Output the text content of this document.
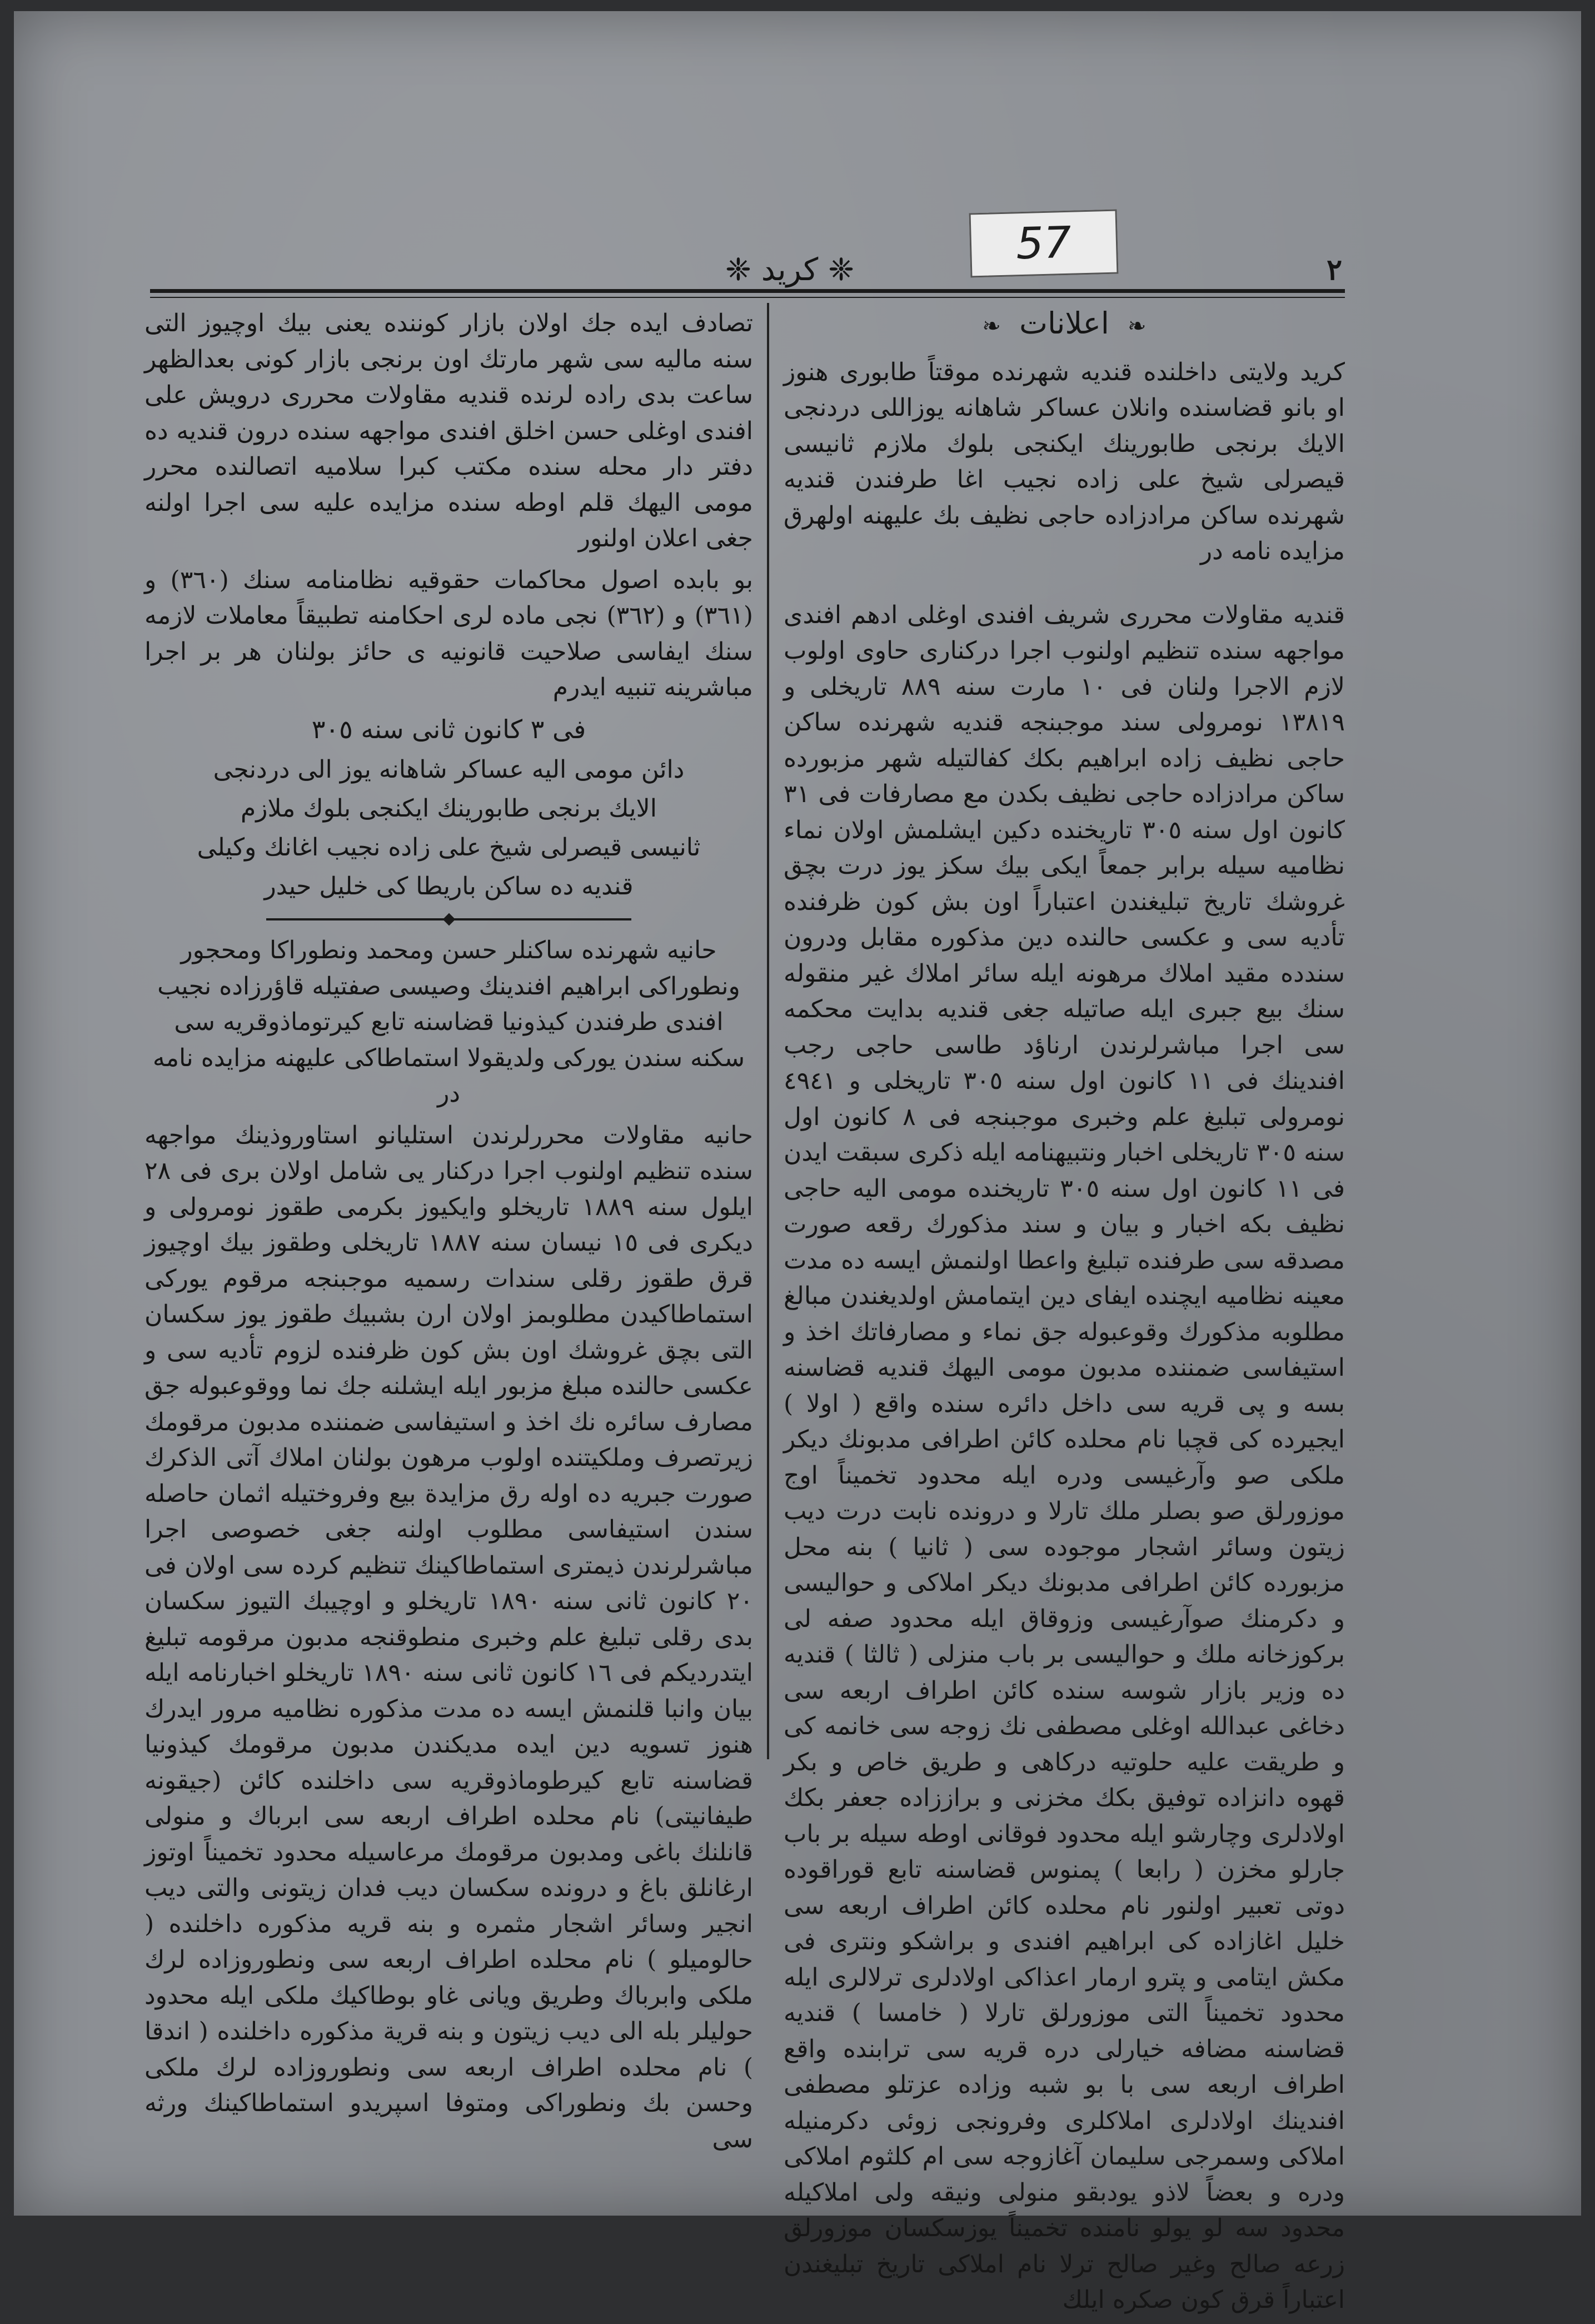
57
٢
❈ كريد ❈
❧ اعلانات ❧

كريد ولايتی داخلنده قنديه شهرنده موقتاً طابوری هنوز او بانو قضاسنده وانلان عساكر شاهانه يوزاللی دردنجی الايك برنجی طابورينك ايكنجی بلوك ملازم ثانيسی قيصرلی شيخ علی زاده نجيب اغا طرفندن قنديه شهرنده ساكن مرادزاده حاجی نظيف بك عليهنه اولهرق مزايده نامه در

قنديه مقاولات محرری شريف افندی اوغلی ادهم افندی مواجهه سنده تنظيم اولنوب اجرا دركناری حاوی اولوب لازم الاجرا ولنان فی ١٠ مارت سنه ٨٨٩ تاريخلی و ١٣٨١٩ نومرولی سند موجبنجه قنديه شهرنده ساكن حاجی نظيف زاده ابراهيم بكك كفالتيله شهر مزبورده ساكن مرادزاده حاجی نظيف بكدن مع مصارفات فی ٣١ كانون اول سنه ٣٠٥ تاريخنده دكين ايشلمش اولان نماء نظاميه سيله برابر جمعاً ايكی بيك سكز يوز درت بچق غروشك تاريخ تبليغندن اعتباراً اون بش كون ظرفنده تأديه سی و عكسی حالنده دين مذكوره مقابل ودرون سندده مقيد املاك مرهونه ايله سائر املاك غير منقوله سنك بيع جبری ايله صاتيله جغی قنديه بدايت محكمه سی اجرا مباشرلرندن ارناؤد طاسی حاجی رجب افندينك فی ١١ كانون اول سنه ٣٠٥ تاريخلی و ٤٩٤١ نومرولی تبليغ علم وخبری موجبنجه فی ٨ كانون اول سنه ٣٠٥ تاريخلی اخبار ونتبيهنامه ايله ذكری سبقت ايدن فی ١١ كانون اول سنه ٣٠٥ تاريخنده مومی اليه حاجی نظيف بكه اخبار و بيان و سند مذكورك رقعه صورت مصدقه سی طرفنده تبليغ واعطا اولنمش ايسه ده مدت معينه نظاميه ايچنده ايفای دين ايتمامش اولديغندن مبالغ مطلوبه مذكورك وقوعبوله جق نماء و مصارفاتك اخذ و استيفاسی ضمننده مدبون مومی اليهك قنديه قضاسنه بسه و پی قريه سی داخل دائره سنده واقع ( اولا ) ايجيرده كی قچبا نام محلده كائن اطرافی مدبونك ديكر ملكی صو وآرغيسی ودره ايله محدود تخميناً اوج موزورلق صو بصلر ملك تارلا و درونده نابت درت ديب زيتون وسائر اشجار موجوده سی ( ثانيا ) بنه محل مزبورده كائن اطرافی مدبونك ديكر املاكی و حواليسی و دكرمنك صوآرغيسی وزوقاق ايله محدود صفه لی بركوزخانه ملك و حواليسی بر باب منزلی ( ثالثا ) قنديه ده وزير بازار شوسه سنده كائن اطراف اربعه سی دخاغی عبدالله اوغلی مصطفی نك زوجه سی خانمه كی و طريقت عليه حلوتيه دركاهی و طريق خاص و بكر قهوه دانزاده توفيق بكك مخزنی و براززاده جعفر بكك اولادلری وچارشو ايله محدود فوقانی اوطه سيله بر باب جارلو مخزن ( رابعا ) پمنوس قضاسنه تابع قوراقوده دوتی تعبير اولنور نام محلده كائن اطراف اربعه سی خليل اغازاده كی ابراهيم افندی و براشكو ونتری فی مكش ايتامی و پترو ارمار اعذاكی اولادلری ترلالری ايله محدود تخميناً التی موزورلق تارلا ( خامسا ) قنديه قضاسنه مضافه خيارلی دره قريه سی ترابنده واقع اطراف اربعه سی با بو شبه وزاده عزتلو مصطفی افندينك اولادلری املاكلری وفرونجی زوئی دكرمنيله املاكی وسمرجی سليمان آغازوجه سی ام كلثوم املاكی ودره و بعضاً لاذو يودبقو منولی ونيقه ولی املاكيله محدود سه لو يولو نامنده تخميناً يوزسكسان موزورلق زرعه صالح وغير صالح ترلا نام املاكی تاريخ تبليغندن اعتباراً قرق كون صكره ايلك

تصادف ايده جك اولان بازار كوننده يعنی بيك اوچيوز التی سنه ماليه سی شهر مارتك اون برنجی بازار كونی بعدالظهر ساعت بدی راده لرنده قنديه مقاولات محرری درويش علی افندی اوغلی حسن اخلق افندی مواجهه سنده درون قنديه ده دفتر دار محله سنده مكتب كبرا سلاميه اتصالنده محرر مومی اليهك قلم اوطه سنده مزايده عليه سی اجرا اولنه جغی اعلان اولنور

بو بابده اصول محاكمات حقوقيه نظامنامه سنك (٣٦٠) و (٣٦١) و (٣٦٢) نجی ماده لری احكامنه تطبيقاً معاملات لازمه سنك ايفاسی صلاحيت قانونيه ی حائز بولنان هر بر اجرا مباشرينه تنبيه ايدرم

فی ٣ كانون ثانی سنه ٣٠٥

دائن مومی اليه عساكر شاهانه يوز الی دردنجی

الايك برنجی طابورينك ايكنجی بلوك ملازم

ثانيسی قيصرلی شيخ علی زاده نجيب اغانك وكيلی

قنديه ده ساكن باريطا كی خليل حيدر

حانيه شهرنده ساكنلر حسن ومحمد ونطوراكا ومحجور ونطوراكی ابراهيم افندينك وصيسی صفتيله قاؤرزاده نجيب افندی طرفندن كيذونيا قضاسنه تابع كيرتوماذوقريه سی سكنه سندن يوركی ولديقولا استماطاكی عليهنه مزايده نامه در

حانيه مقاولات محررلرندن استليانو استاوروذينك مواجهه سنده تنظيم اولنوب اجرا دركنار يی شامل اولان بری فی ٢٨ ايلول سنه ١٨٨٩ تاريخلو وايكيوز بكرمی طقوز نومرولی و ديكری فی ١٥ نيسان سنه ١٨٨٧ تاريخلی وطقوز بيك اوچيوز قرق طقوز رقلی سندات رسميه موجبنجه مرقوم يوركی استماطاكيدن مطلوبمز اولان ارن بشبيك طقوز يوز سكسان التی بچق غروشك اون بش كون ظرفنده لزوم تأديه سی و عكسی حالنده مبلغ مزبور ايله ايشلنه جك نما ووقوعبوله جق مصارف سائره نك اخذ و استيفاسی ضمننده مدبون مرقومك زيرتصرف وملكيتنده اولوب مرهون بولنان املاك آتی الذكرك صورت جبريه ده اوله رق مزايدة بيع وفروختيله اثمان حاصله سندن استيفاسی مطلوب اولنه جغی خصوصی اجرا مباشرلرندن ذيمتری استماطاكينك تنظيم كرده سی اولان فی ٢٠ كانون ثانی سنه ١٨٩٠ تاريخلو و اوچيبك التيوز سكسان بدی رقلی تبليغ علم وخبری منطوقنجه مدبون مرقومه تبليغ ايتدرديكم فی ١٦ كانون ثانی سنه ١٨٩٠ تاريخلو اخبارنامه ايله بيان وانبا قلنمش ايسه ده مدت مذكوره نظاميه مرور ايدرك هنوز تسويه دين ايده مديكندن مدبون مرقومك كيذونيا قضاسنه تابع كيرطوماذوقريه سی داخلنده كائن (جيقونه طيفانيتی) نام محلده اطراف اربعه سی ابرباك و منولی قانلنك باغی ومدبون مرقومك مرعاسيله محدود تخميناً اوتوز ارغانلق باغ و درونده سكسان ديب فدان زيتونی والتی ديب انجير وسائر اشجار مثمره و بنه قريه مذكوره داخلنده ( حالوميلو ) نام محلده اطراف اربعه سی ونطوروزاده لرك ملكی وابرباك وطريق ويانی غاو بوطاكيك ملكی ايله محدود حوليلر بله الی ديب زيتون و بنه قرية مذكوره داخلنده ( اندقا ) نام محلده اطراف اربعه سی ونطوروزاده لرك ملكی وحسن بك ونطوراكی ومتوفا اسپريدو استماطاكينك ورثه سی
